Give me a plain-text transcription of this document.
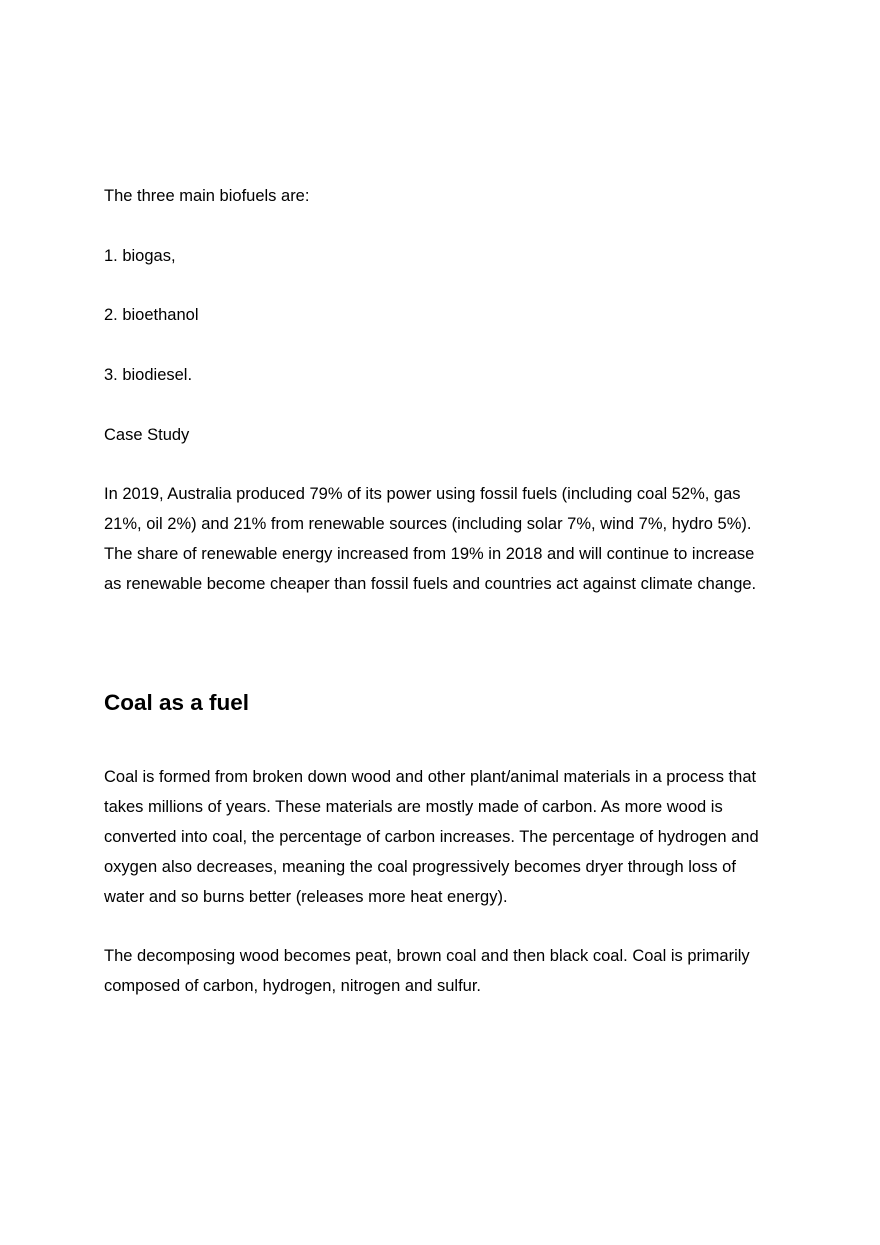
The three main biofuels are:

1. biogas,

2. bioethanol

3. biodiesel.

Case Study

In 2019, Australia produced 79% of its power using fossil fuels (including coal 52%, gas 21%, oil 2%) and 21% from renewable sources (including solar 7%, wind 7%, hydro 5%). The share of renewable energy increased from 19% in 2018 and will continue to increase as renewable become cheaper than fossil fuels and countries act against climate change.

Coal as a fuel

Coal is formed from broken down wood and other plant/animal materials in a process that takes millions of years. These materials are mostly made of carbon. As more wood is converted into coal, the percentage of carbon increases. The percentage of hydrogen and oxygen also decreases, meaning the coal progressively becomes dryer through loss of water and so burns better (releases more heat energy).

The decomposing wood becomes peat, brown coal and then black coal. Coal is primarily composed of carbon, hydrogen, nitrogen and sulfur.
